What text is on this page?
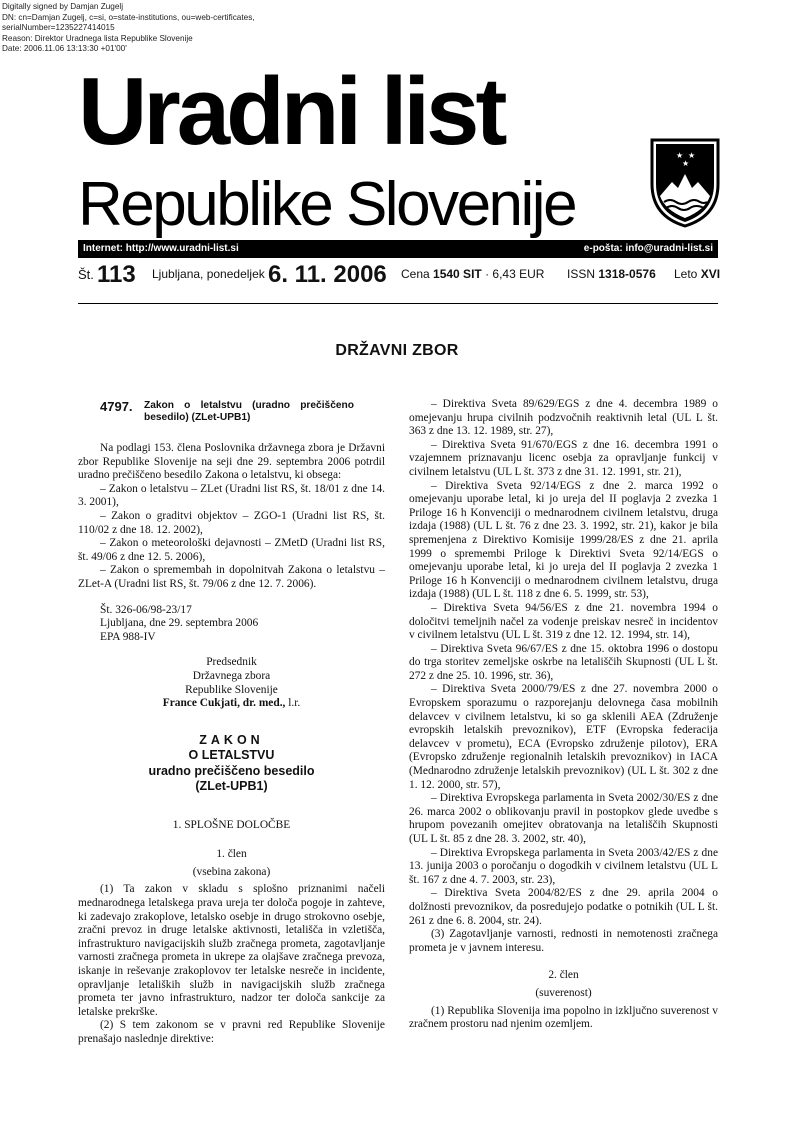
Digitally signed by Damjan Zugelj
DN: cn=Damjan Zugelj, c=si, o=state-institutions, ou=web-certificates,
serialNumber=1235227414015
Reason: Direktor Uradnega lista Republike Slovenije
Date: 2006.11.06 13:13:30 +01'00'
Uradni list
Republike Slovenije
★ ★
★
Internet: http://www.uradni-list.si	e-pošta: info@uradni-list.si
Št. 113 Ljubljana, ponedeljek 6. 11. 2006 Cena 1540 SIT · 6,43 EUR ISSN 1318-0576 Leto XVI
DRŽAVNI ZBOR
4797.	Zakon o letalstvu (uradno prečiščeno besedilo) (ZLet-UPB1)

Na podlagi 153. člena Poslovnika državnega zbora je Državni zbor Republike Slovenije na seji dne 29. septembra 2006 potrdil uradno prečiščeno besedilo Zakona o letalstvu, ki obsega:

– Zakon o letalstvu – ZLet (Uradni list RS, št. 18/01 z dne 14. 3. 2001),

– Zakon o graditvi objektov – ZGO-1 (Uradni list RS, št. 110/02 z dne 18. 12. 2002),

– Zakon o meteorološki dejavnosti – ZMetD (Uradni list RS, št. 49/06 z dne 12. 5. 2006),

– Zakon o spremembah in dopolnitvah Zakona o letalstvu – ZLet-A (Uradni list RS, št. 79/06 z dne 12. 7. 2006).

Št. 326-06/98-23/17
Ljubljana, dne 29. septembra 2006
EPA 988-IV
Predsednik
Državnega zbora
Republike Slovenije
France Cukjati, dr. med., l.r.
ZAKON
O LETALSTVU
uradno prečiščeno besedilo
(ZLet-UPB1)
1. SPLOŠNE DOLOČBE
1. člen
(vsebina zakona)

(1) Ta zakon v skladu s splošno priznanimi načeli mednarodnega letalskega prava ureja ter določa pogoje in zahteve, ki zadevajo zrakoplove, letalsko osebje in drugo strokovno osebje, zračni prevoz in druge letalske aktivnosti, letališča in vzletišča, infrastrukturo navigacijskih služb zračnega prometa, zagotavljanje varnosti zračnega prometa in ukrepe za olajšave zračnega prevoza, iskanje in reševanje zrakoplovov ter letalske nesreče in incidente, opravljanje letaliških služb in navigacijskih služb zračnega prometa ter javno infrastrukturo, nadzor ter določa sankcije za letalske prekrške.

(2) S tem zakonom se v pravni red Republike Slovenije prenašajo naslednje direktive:

– Direktiva Sveta 89/629/EGS z dne 4. decembra 1989 o omejevanju hrupa civilnih podzvočnih reaktivnih letal (UL L št. 363 z dne 13. 12. 1989, str. 27),

– Direktiva Sveta 91/670/EGS z dne 16. decembra 1991 o vzajemnem priznavanju licenc osebja za opravljanje funkcij v civilnem letalstvu (UL L št. 373 z dne 31. 12. 1991, str. 21),

– Direktiva Sveta 92/14/EGS z dne 2. marca 1992 o omejevanju uporabe letal, ki jo ureja del II poglavja 2 zvezka 1 Priloge 16 h Konvenciji o mednarodnem civilnem letalstvu, druga izdaja (1988) (UL L št. 76 z dne 23. 3. 1992, str. 21), kakor je bila spremenjena z Direktivo Komisije 1999/28/ES z dne 21. aprila 1999 o spremembi Priloge k Direktivi Sveta 92/14/EGS o omejevanju uporabe letal, ki jo ureja del II poglavja 2 zvezka 1 Priloge 16 h Konvenciji o mednarodnem civilnem letalstvu, druga izdaja (1988) (UL L št. 118 z dne 6. 5. 1999, str. 53),

– Direktiva Sveta 94/56/ES z dne 21. novembra 1994 o določitvi temeljnih načel za vodenje preiskav nesreč in incidentov v civilnem letalstvu (UL L št. 319 z dne 12. 12. 1994, str. 14),

– Direktiva Sveta 96/67/ES z dne 15. oktobra 1996 o dostopu do trga storitev zemeljske oskrbe na letališčih Skupnosti (UL L št. 272 z dne 25. 10. 1996, str. 36),

– Direktiva Sveta 2000/79/ES z dne 27. novembra 2000 o Evropskem sporazumu o razporejanju delovnega časa mobilnih delavcev v civilnem letalstvu, ki so ga sklenili AEA (Združenje evropskih letalskih prevoznikov), ETF (Evropska federacija delavcev v prometu), ECA (Evropsko združenje pilotov), ERA (Evropsko združenje regionalnih letalskih prevoznikov) in IACA (Mednarodno združenje letalskih prevoznikov) (UL L št. 302 z dne 1. 12. 2000, str. 57),

– Direktiva Evropskega parlamenta in Sveta 2002/30/ES z dne 26. marca 2002 o oblikovanju pravil in postopkov glede uvedbe s hrupom povezanih omejitev obratovanja na letališčih Skupnosti (UL L št. 85 z dne 28. 3. 2002, str. 40),

– Direktiva Evropskega parlamenta in Sveta 2003/42/ES z dne 13. junija 2003 o poročanju o dogodkih v civilnem letalstvu (UL L št. 167 z dne 4. 7. 2003, str. 23),

– Direktiva Sveta 2004/82/ES z dne 29. aprila 2004 o dolžnosti prevoznikov, da posredujejo podatke o potnikih (UL L št. 261 z dne 6. 8. 2004, str. 24).

(3) Zagotavljanje varnosti, rednosti in nemotenosti zračnega prometa je v javnem interesu.

2. člen
(suverenost)

(1) Republika Slovenija ima popolno in izključno suverenost v zračnem prostoru nad njenim ozemljem.
